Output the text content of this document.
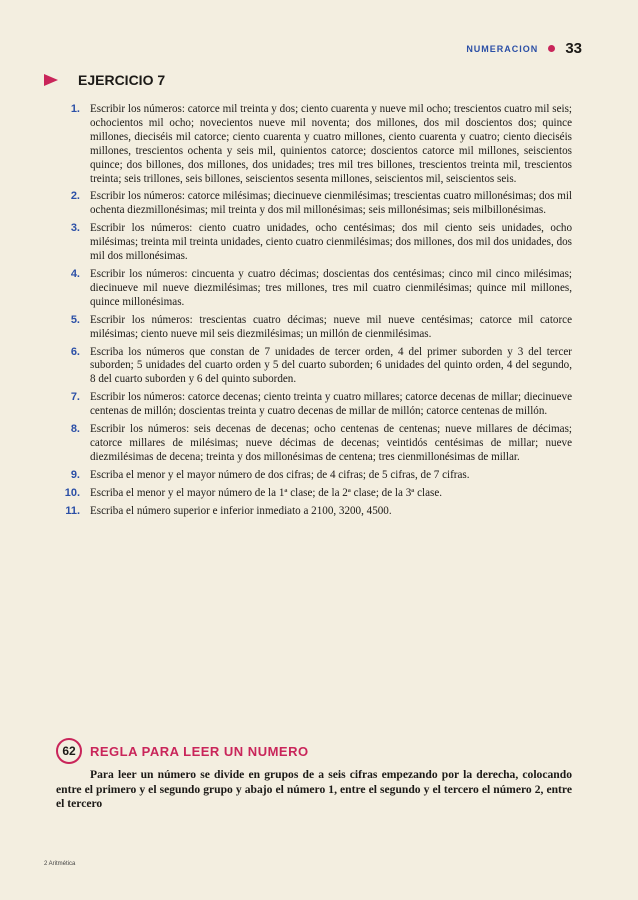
NUMERACION 33
EJERCICIO 7
1. Escribir los números: catorce mil treinta y dos; ciento cuarenta y nueve mil ocho; trescientos cuatro mil seis; ochocientos mil ocho; novecientos nueve mil noventa; dos millones, dos mil doscientos dos; quince millones, dieciséis mil catorce; ciento cuarenta y cuatro millones, ciento cuarenta y cuatro; ciento dieciséis millones, trescientos ochenta y seis mil, quinientos catorce; doscientos catorce mil millones, seiscientos quince; dos billones, dos millones, dos unidades; tres mil tres billones, trescientos treinta mil, trescientos treinta; seis trillones, seis billones, seiscientos sesenta millones, seiscientos mil, seiscientos seis.
2. Escribir los números: catorce milésimas; diecinueve cienmilésimas; trescientas cuatro millonésimas; dos mil ochenta diezmillonésimas; mil treinta y dos mil millonésimas; seis millonésimas; seis milbillonésimas.
3. Escribir los números: ciento cuatro unidades, ocho centésimas; dos mil ciento seis unidades, ocho milésimas; treinta mil treinta unidades, ciento cuatro cienmilésimas; dos millones, dos mil dos unidades, dos mil dos millonésimas.
4. Escribir los números: cincuenta y cuatro décimas; doscientas dos centésimas; cinco mil cinco milésimas; diecinueve mil nueve diezmilésimas; tres millones, tres mil cuatro cienmilésimas; quince mil millones, quince millonésimas.
5. Escribir los números: trescientas cuatro décimas; nueve mil nueve centésimas; catorce mil catorce milésimas; ciento nueve mil seis diezmilésimas; un millón de cienmilésimas.
6. Escriba los números que constan de 7 unidades de tercer orden, 4 del primer suborden y 3 del tercer suborden; 5 unidades del cuarto orden y 5 del cuarto suborden; 6 unidades del quinto orden, 4 del segundo, 8 del cuarto suborden y 6 del quinto suborden.
7. Escribir los números: catorce decenas; ciento treinta y cuatro millares; catorce decenas de millar; diecinueve centenas de millón; doscientas treinta y cuatro decenas de millar de millón; catorce centenas de millón.
8. Escribir los números: seis decenas de decenas; ocho centenas de centenas; nueve millares de décimas; catorce millares de milésimas; nueve décimas de decenas; veintidós centésimas de millar; nueve diezmilésimas de decena; treinta y dos millonésimas de centena; tres cienmillonésimas de millar.
9. Escriba el menor y el mayor número de dos cifras; de 4 cifras; de 5 cifras, de 7 cifras.
10. Escriba el menor y el mayor número de la 1ª clase; de la 2ª clase; de la 3ª clase.
11. Escriba el número superior e inferior inmediato a 2100, 3200, 4500.
62	REGLA PARA LEER UN NUMERO
Para leer un número se divide en grupos de a seis cifras empezando por la derecha, colocando entre el primero y el segundo grupo y abajo el número 1, entre el segundo y el tercero el número 2, entre el tercero
2 Aritmética
